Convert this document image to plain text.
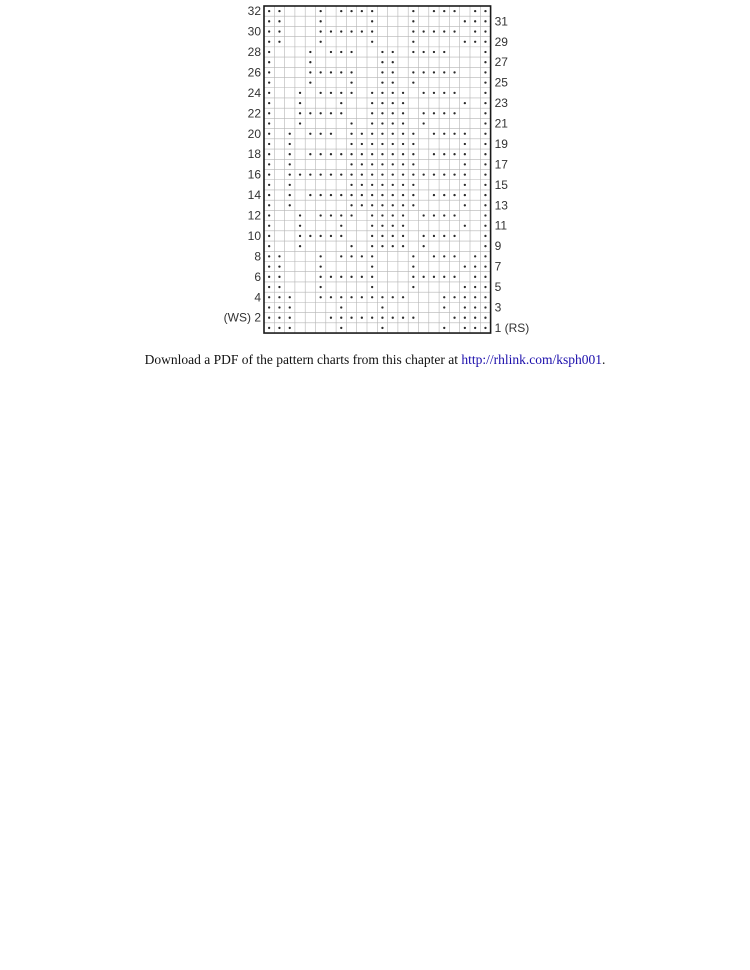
32
30
28
26
24
22
20
18
16
14
12
10
8
6
4
(WS) 2
31
29
27
25
23
21
19
17
15
13
11
9
7
5
3
1 (RS)
Download a PDF of the pattern charts from this chapter at http://rhlink.com/ksph001.
